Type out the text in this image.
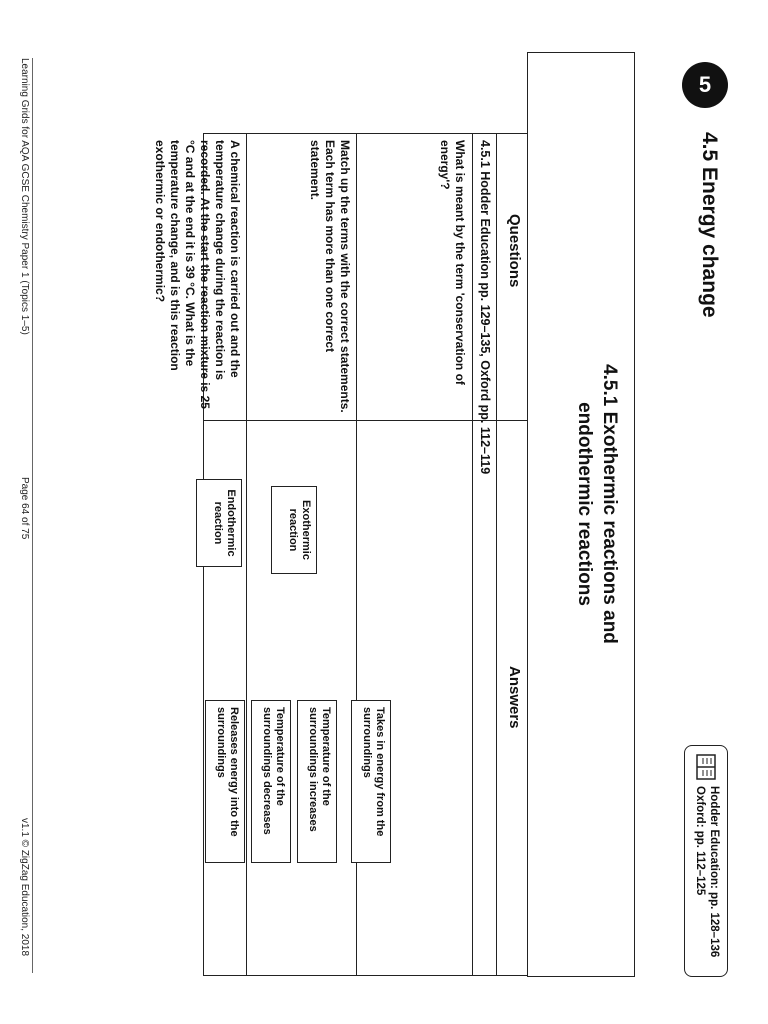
5
4.5 Energy change
Hodder Education: pp. 128–136
Oxford: pp. 112–125
4.5.1 Exothermic reactions and
endothermic reactions
Questions
Answers
4.5.1 Hodder Education pp. 129–135, Oxford pp. 112–119
What is meant by the term 'conservation of energy'?
Match up the terms with the correct statements. Each term has more than one correct statement.
A chemical reaction is carried out and the temperature change during the reaction is recorded. At the start the reaction mixture is 25 °C and at the end it is 39 °C. What is the temperature change, and is this reaction exothermic or endothermic?
Exothermic reaction
Endothermic reaction
Takes in energy from the surroundings
Temperature of the surroundings increases
Temperature of the surroundings decreases
Releases energy into the surroundings
Learning Grids for AQA GCSE Chemistry Paper 1 (Topics 1–5)
Page 64 of 75
v1.1 © ZigZag Education, 2018
